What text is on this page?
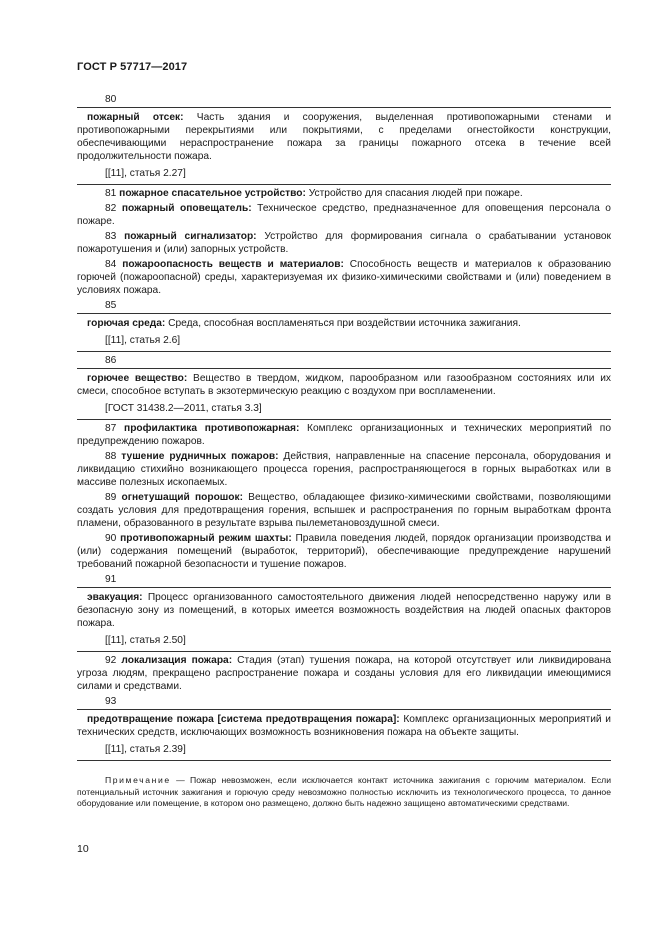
ГОСТ Р 57717—2017
80

пожарный отсек: Часть здания и сооружения, выделенная противопожарными стенами и противопожарными перекрытиями или покрытиями, с пределами огнестойкости конструкции, обеспечивающими нераспространение пожара за границы пожарного отсека в течение всей продолжительности пожара.

[[11], статья 2.27]

81 пожарное спасательное устройство: Устройство для спасания людей при пожаре.

82 пожарный оповещатель: Техническое средство, предназначенное для оповещения персонала о пожаре.

83 пожарный сигнализатор: Устройство для формирования сигнала о срабатывании установок пожаротушения и (или) запорных устройств.

84 пожароопасность веществ и материалов: Способность веществ и материалов к образованию горючей (пожароопасной) среды, характеризуемая их физико-химическими свойствами и (или) поведением в условиях пожара.

85

горючая среда: Среда, способная воспламеняться при воздействии источника зажигания.

[[11], статья 2.6]

86

горючее вещество: Вещество в твердом, жидком, парообразном или газообразном состояниях или их смеси, способное вступать в экзотермическую реакцию с воздухом при воспламенении.

[ГОСТ 31438.2—2011, статья 3.3]

87 профилактика противопожарная: Комплекс организационных и технических мероприятий по предупреждению пожаров.

88 тушение рудничных пожаров: Действия, направленные на спасение персонала, оборудования и ликвидацию стихийно возникающего процесса горения, распространяющегося в горных выработках или в массиве полезных ископаемых.

89 огнетушащий порошок: Вещество, обладающее физико-химическими свойствами, позволяющими создать условия для предотвращения горения, вспышек и распространения по горным выработкам фронта пламени, образованного в результате взрыва пылеметановоздушной смеси.

90 противопожарный режим шахты: Правила поведения людей, порядок организации производства и (или) содержания помещений (выработок, территорий), обеспечивающие предупреждение нарушений требований пожарной безопасности и тушение пожаров.

91

эвакуация: Процесс организованного самостоятельного движения людей непосредственно наружу или в безопасную зону из помещений, в которых имеется возможность воздействия на людей опасных факторов пожара.

[[11], статья 2.50]

92 локализация пожара: Стадия (этап) тушения пожара, на которой отсутствует или ликвидирована угроза людям, прекращено распространение пожара и созданы условия для его ликвидации имеющимися силами и средствами.

93

предотвращение пожара [система предотвращения пожара]: Комплекс организационных мероприятий и технических средств, исключающих возможность возникновения пожара на объекте защиты.

[[11], статья 2.39]

Примечание — Пожар невозможен, если исключается контакт источника зажигания с горючим материалом. Если потенциальный источник зажигания и горючую среду невозможно полностью исключить из технологического процесса, то данное оборудование или помещение, в котором оно размещено, должно быть надежно защищено автоматическими средствами.
10
